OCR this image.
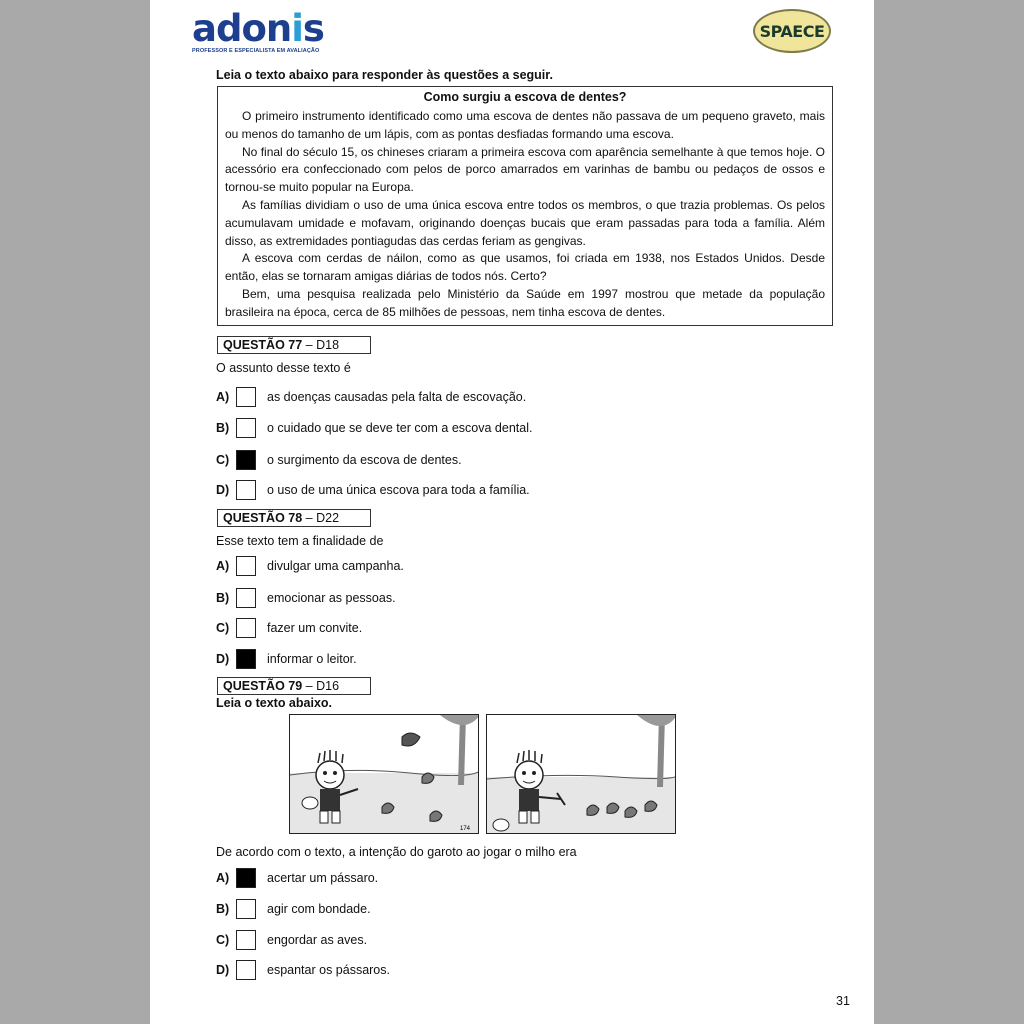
adonis
PROFESSOR E ESPECIALISTA EM AVALIAÇÃO
SPAECE
Leia o texto abaixo para responder às questões a seguir.
Como surgiu a escova de dentes?

O primeiro instrumento identificado como uma escova de dentes não passava de um pequeno graveto, mais ou menos do tamanho de um lápis, com as pontas desfiadas formando uma escova.

No final do século 15, os chineses criaram a primeira escova com aparência semelhante à que temos hoje. O acessório era confeccionado com pelos de porco amarrados em varinhas de bambu ou pedaços de ossos e tornou-se muito popular na Europa.

As famílias dividiam o uso de uma única escova entre todos os membros, o que trazia problemas. Os pelos acumulavam umidade e mofavam, originando doenças bucais que eram passadas para toda a família. Além disso, as extremidades pontiagudas das cerdas feriam as gengivas.

A escova com cerdas de náilon, como as que usamos, foi criada em 1938, nos Estados Unidos. Desde então, elas se tornaram amigas diárias de todos nós. Certo?

Bem, uma pesquisa realizada pelo Ministério da Saúde em 1997 mostrou que metade da população brasileira na época, cerca de 85 milhões de pessoas, nem tinha escova de dentes.

QUESTÃO 77 – D18
O assunto desse texto é
A)	as doenças causadas pela falta de escovação.
B)	o cuidado que se deve ter com a escova dental.
C)	o surgimento da escova de dentes.
D)	o uso de uma única escova para toda a família.
QUESTÃO 78 – D22
Esse texto tem a finalidade de
A)	divulgar uma campanha.
B)	emocionar as pessoas.
C)	fazer um convite.
D)	informar o leitor.
QUESTÃO 79 – D16
Leia o texto abaixo.
174
De acordo com o texto, a intenção do garoto ao jogar o milho era
A)	acertar um pássaro.
B)	agir com bondade.
C)	engordar as aves.
D)	espantar os pássaros.
31
